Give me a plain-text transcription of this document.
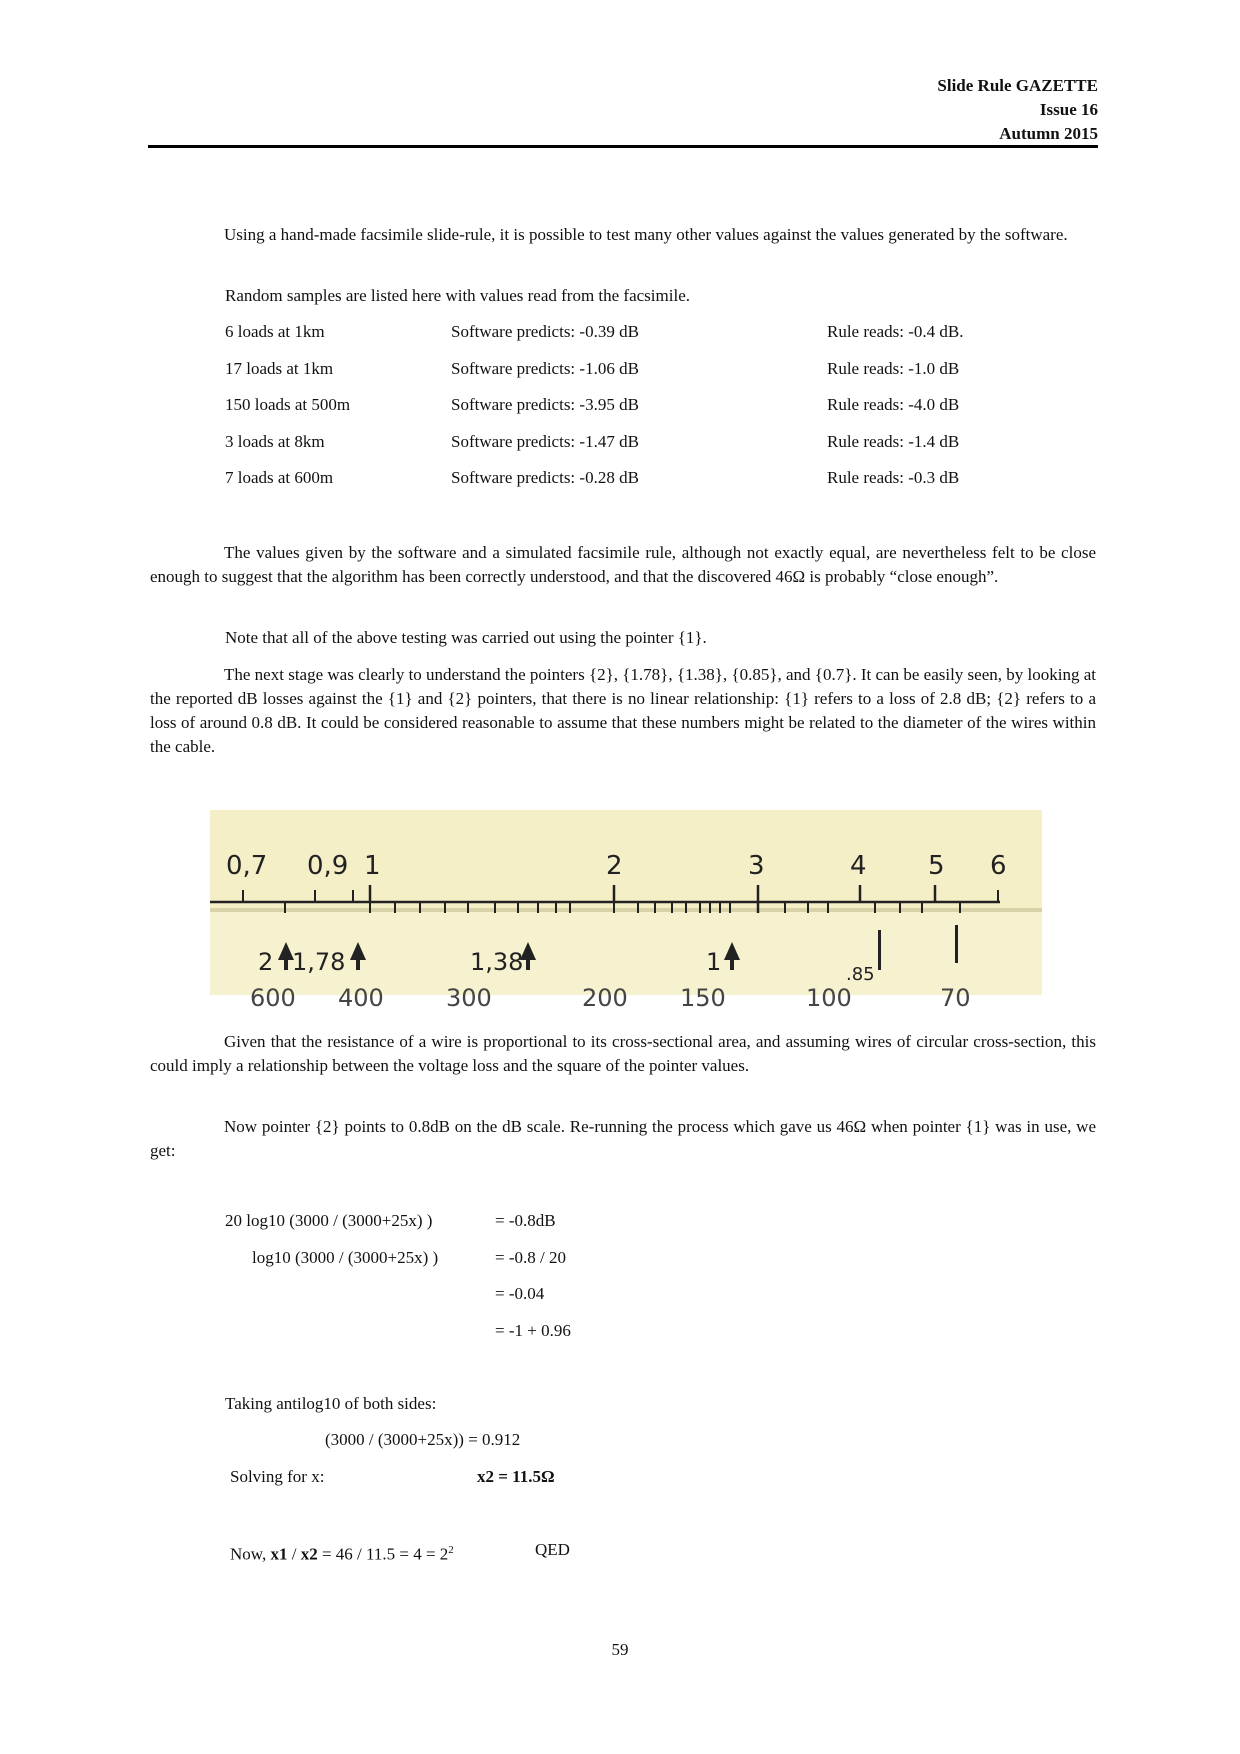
Slide Rule GAZETTE
Issue 16
Autumn 2015
Using a hand-made facsimile slide-rule, it is possible to test many other values against the values generated by the software.
Random samples are listed here with values read from the facsimile.
6 loads at 1km	Software predicts: -0.39 dB	Rule reads: -0.4 dB.
17 loads at 1km	Software predicts: -1.06 dB	Rule reads: -1.0 dB
150 loads at 500m	Software predicts: -3.95 dB	Rule reads: -4.0 dB
3 loads at 8km	Software predicts: -1.47 dB	Rule reads: -1.4 dB
7 loads at 600m	Software predicts: -0.28 dB	Rule reads: -0.3 dB
The values given by the software and a simulated facsimile rule, although not exactly equal, are nevertheless felt to be close enough to suggest that the algorithm has been correctly understood, and that the discovered 46Ω is probably “close enough”.
Note that all of the above testing was carried out using the pointer {1}.
The next stage was clearly to understand the pointers {2}, {1.78}, {1.38}, {0.85}, and {0.7}. It can be easily seen, by looking at the reported dB losses against the {1} and {2} pointers, that there is no linear relationship: {1} refers to a loss of 2.8 dB; {2} refers to a loss of around 0.8 dB. It could be considered reasonable to assume that these numbers might be related to the diameter of the wires within the cable.
0,7 0,9 1	2	3	4 5 6
2 1,78	1,38	1	.85
600 400	300	200 150	100	70
Given that the resistance of a wire is proportional to its cross-sectional area, and assuming wires of circular cross-section, this could imply a relationship between the voltage loss and the square of the pointer values.
Now pointer {2} points to 0.8dB on the dB scale. Re-running the process which gave us 46Ω when pointer {1} was in use, we get:
20 log10 (3000 / (3000+25x) )	= -0.8dB
log10 (3000 / (3000+25x) )	= -0.8 / 20
= -0.04
= -1 + 0.96
Taking antilog10 of both sides:
(3000 / (3000+25x)) = 0.912
Solving for x:	x2 = 11.5Ω
Now, $x1 / x2 = 46 / 11.5 = 4 = 2^2$	QED
59
